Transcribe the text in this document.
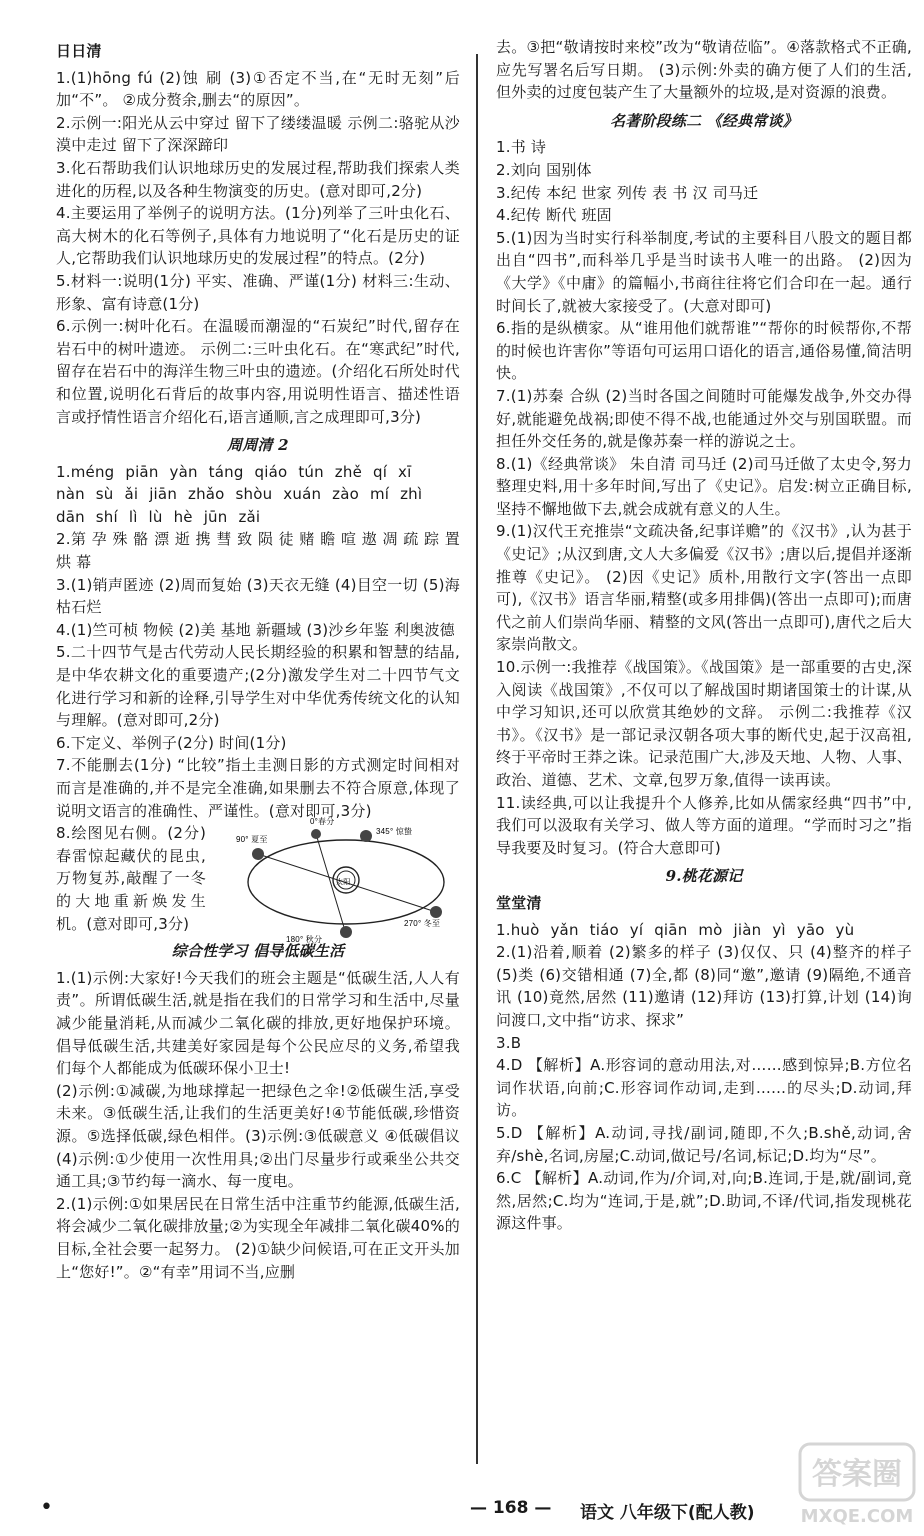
日日清

1.(1)hōng fú (2)蚀 刷 (3)①否定不当,在“无时无刻”后加“不”。 ②成分赘余,删去“的原因”。

2.示例一:阳光从云中穿过 留下了缕缕温暖 示例二:骆驼从沙漠中走过 留下了深深蹄印

3.化石帮助我们认识地球历史的发展过程,帮助我们探索人类进化的历程,以及各种生物演变的历史。(意对即可,2分)

4.主要运用了举例子的说明方法。(1分)列举了三叶虫化石、高大树木的化石等例子,具体有力地说明了“化石是历史的证人,它帮助我们认识地球历史的发展过程”的特点。(2分)

5.材料一:说明(1分) 平实、准确、严谨(1分) 材料三:生动、形象、富有诗意(1分)

6.示例一:树叶化石。在温暖而潮湿的“石炭纪”时代,留存在岩石中的树叶遗迹。 示例二:三叶虫化石。在“寒武纪”时代,留存在岩石中的海洋生物三叶虫的遗迹。(介绍化石所处时代和位置,说明化石背后的故事内容,用说明性语言、描述性语言或抒情性语言介绍化石,语言通顺,言之成理即可,3分)

周周清 2

1.méng piān yàn táng qiáo tún zhě qí xī

nàn sù ǎi jiān zhǎo shòu xuán zào mí zhì

dān shí lì lù hè jūn zǎi

2.第 孕 殊 骼 漂 逝 携 彗 致 陨 徒 赌 瞻 喧 遨 凋 疏 踪 置 烘 幕

3.(1)销声匿迹 (2)周而复始 (3)天衣无缝 (4)目空一切 (5)海枯石烂

4.(1)竺可桢 物候 (2)美 基地 新疆域 (3)沙乡年鉴 利奥波德

5.二十四节气是古代劳动人民长期经验的积累和智慧的结晶,是中华农耕文化的重要遗产;(2分)激发学生对二十四节气文化进行学习和新的诠释,引导学生对中华优秀传统文化的认知与理解。(意对即可,2分)

6.下定义、举例子(2分) 时间(1分)

7.不能删去(1分) “比较”指土圭测日影的方式测定时间相对而言是准确的,并不是完全准确,如果删去不符合原意,体现了说明文语言的准确性、严谨性。(意对即可,3分)

8.绘图见右侧。(2分)春雷惊起藏伏的昆虫,万物复苏,敲醒了一冬的大地重新焕发生机。(意对即可,3分)

太阳
90° 夏至
0°春分
345° 惊蛰
270° 冬至
180° 秋分
综合性学习 倡导低碳生活

1.(1)示例:大家好!今天我们的班会主题是“低碳生活,人人有责”。所谓低碳生活,就是指在我们的日常学习和生活中,尽量减少能量消耗,从而减少二氧化碳的排放,更好地保护环境。倡导低碳生活,共建美好家园是每个公民应尽的义务,希望我们每个人都能成为低碳环保小卫士!

(2)示例:①减碳,为地球撑起一把绿色之伞!②低碳生活,享受未来。③低碳生活,让我们的生活更美好!④节能低碳,珍惜资源。⑤选择低碳,绿色相伴。(3)示例:③低碳意义 ④低碳倡议 (4)示例:①少使用一次性用具;②出门尽量步行或乘坐公共交通工具;③节约每一滴水、每一度电。

2.(1)示例:①如果居民在日常生活中注重节约能源,低碳生活,将会减少二氧化碳排放量;②为实现全年减排二氧化碳40%的目标,全社会要一起努力。 (2)①缺少问候语,可在正文开头加上“您好!”。②“有幸”用词不当,应删

去。③把“敬请按时来校”改为“敬请莅临”。④落款格式不正确,应先写署名后写日期。 (3)示例:外卖的确方便了人们的生活,但外卖的过度包装产生了大量额外的垃圾,是对资源的浪费。

名著阶段练二 《经典常谈》

1.书 诗

2.刘向 国别体

3.纪传 本纪 世家 列传 表 书 汉 司马迁

4.纪传 断代 班固

5.(1)因为当时实行科举制度,考试的主要科目八股文的题目都出自“四书”,而科举几乎是当时读书人唯一的出路。 (2)因为《大学》《中庸》的篇幅小,书商往往将它们合印在一起。通行时间长了,就被大家接受了。(大意对即可)

6.指的是纵横家。从“谁用他们就帮谁”“帮你的时候帮你,不帮的时候也许害你”等语句可运用口语化的语言,通俗易懂,简洁明快。

7.(1)苏秦 合纵 (2)当时各国之间随时可能爆发战争,外交办得好,就能避免战祸;即使不得不战,也能通过外交与别国联盟。而担任外交任务的,就是像苏秦一样的游说之士。

8.(1)《经典常谈》 朱自清 司马迁 (2)司马迁做了太史令,努力整理史料,用十多年时间,写出了《史记》。启发:树立正确目标,坚持不懈地做下去,就会成就有意义的人生。

9.(1)汉代王充推崇“文疏决备,纪事详赡”的《汉书》,认为甚于《史记》;从汉到唐,文人大多偏爱《汉书》;唐以后,提倡并逐渐推尊《史记》。 (2)因《史记》质朴,用散行文字(答出一点即可),《汉书》语言华丽,精整(或多用排偶)(答出一点即可);而唐代之前人们崇尚华丽、精整的文风(答出一点即可),唐代之后大家崇尚散文。

10.示例一:我推荐《战国策》。《战国策》是一部重要的古史,深入阅读《战国策》,不仅可以了解战国时期诸国策士的计谋,从中学习知识,还可以欣赏其绝妙的文辞。 示例二:我推荐《汉书》。《汉书》是一部记录汉朝各项大事的断代史,起于汉高祖,终于平帝时王莽之诛。记录范围广大,涉及天地、人物、人事、政治、道德、艺术、文章,包罗万象,值得一读再读。

11.读经典,可以让我提升个人修养,比如从儒家经典“四书”中,我们可以汲取有关学习、做人等方面的道理。“学而时习之”指导我要及时复习。(符合大意即可)

9.桃花源记
堂堂清

1.huò yǎn tiáo yí qiān mò jiàn yì yāo yù

2.(1)沿着,顺着 (2)繁多的样子 (3)仅仅、只 (4)整齐的样子 (5)类 (6)交错相通 (7)全,都 (8)同“邀”,邀请 (9)隔绝,不通音讯 (10)竟然,居然 (11)邀请 (12)拜访 (13)打算,计划 (14)询问渡口,文中指“访求、探求”

3.B

4.D 【解析】A.形容词的意动用法,对……感到惊异;B.方位名词作状语,向前;C.形容词作动词,走到……的尽头;D.动词,拜访。

5.D 【解析】A.动词,寻找/副词,随即,不久;B.shě,动词,舍弃/shè,名词,房屋;C.动词,做记号/名词,标记;D.均为“尽”。

6.C 【解析】A.动词,作为/介词,对,向;B.连词,于是,就/副词,竟然,居然;C.均为“连词,于是,就”;D.助词,不译/代词,指发现桃花源这件事。

•	— 168 — 语文 八年级下(配人教)
答案圈
MXQE.COM
